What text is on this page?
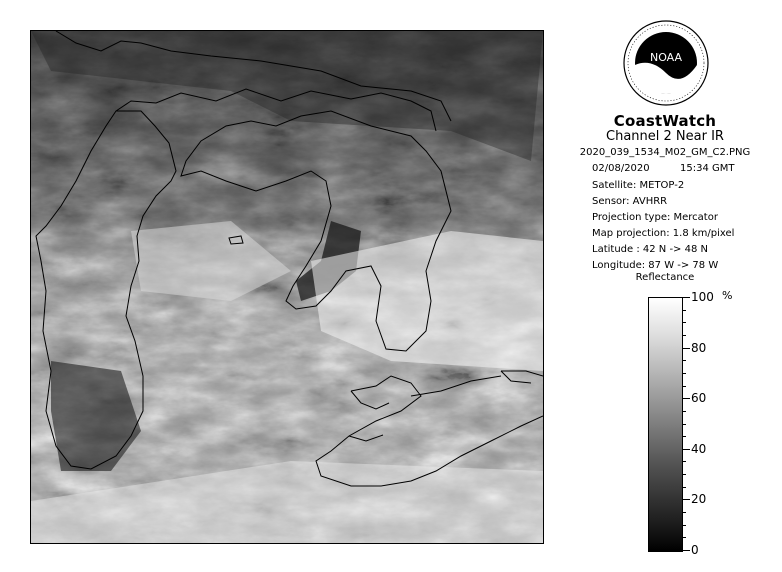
NOAA
CoastWatch
Channel 2 Near IR
2020_039_1534_M02_GM_C2.PNG
02/08/2020	15:34 GMT
Satellite: METOP-2
Sensor: AVHRR
Projection type: Mercator
Map projection: 1.8 km/pixel
Latitude : 42 N -> 48 N
Longitude: 87 W -> 78 W
Reflectance
%
100
80
60
40
20
0
